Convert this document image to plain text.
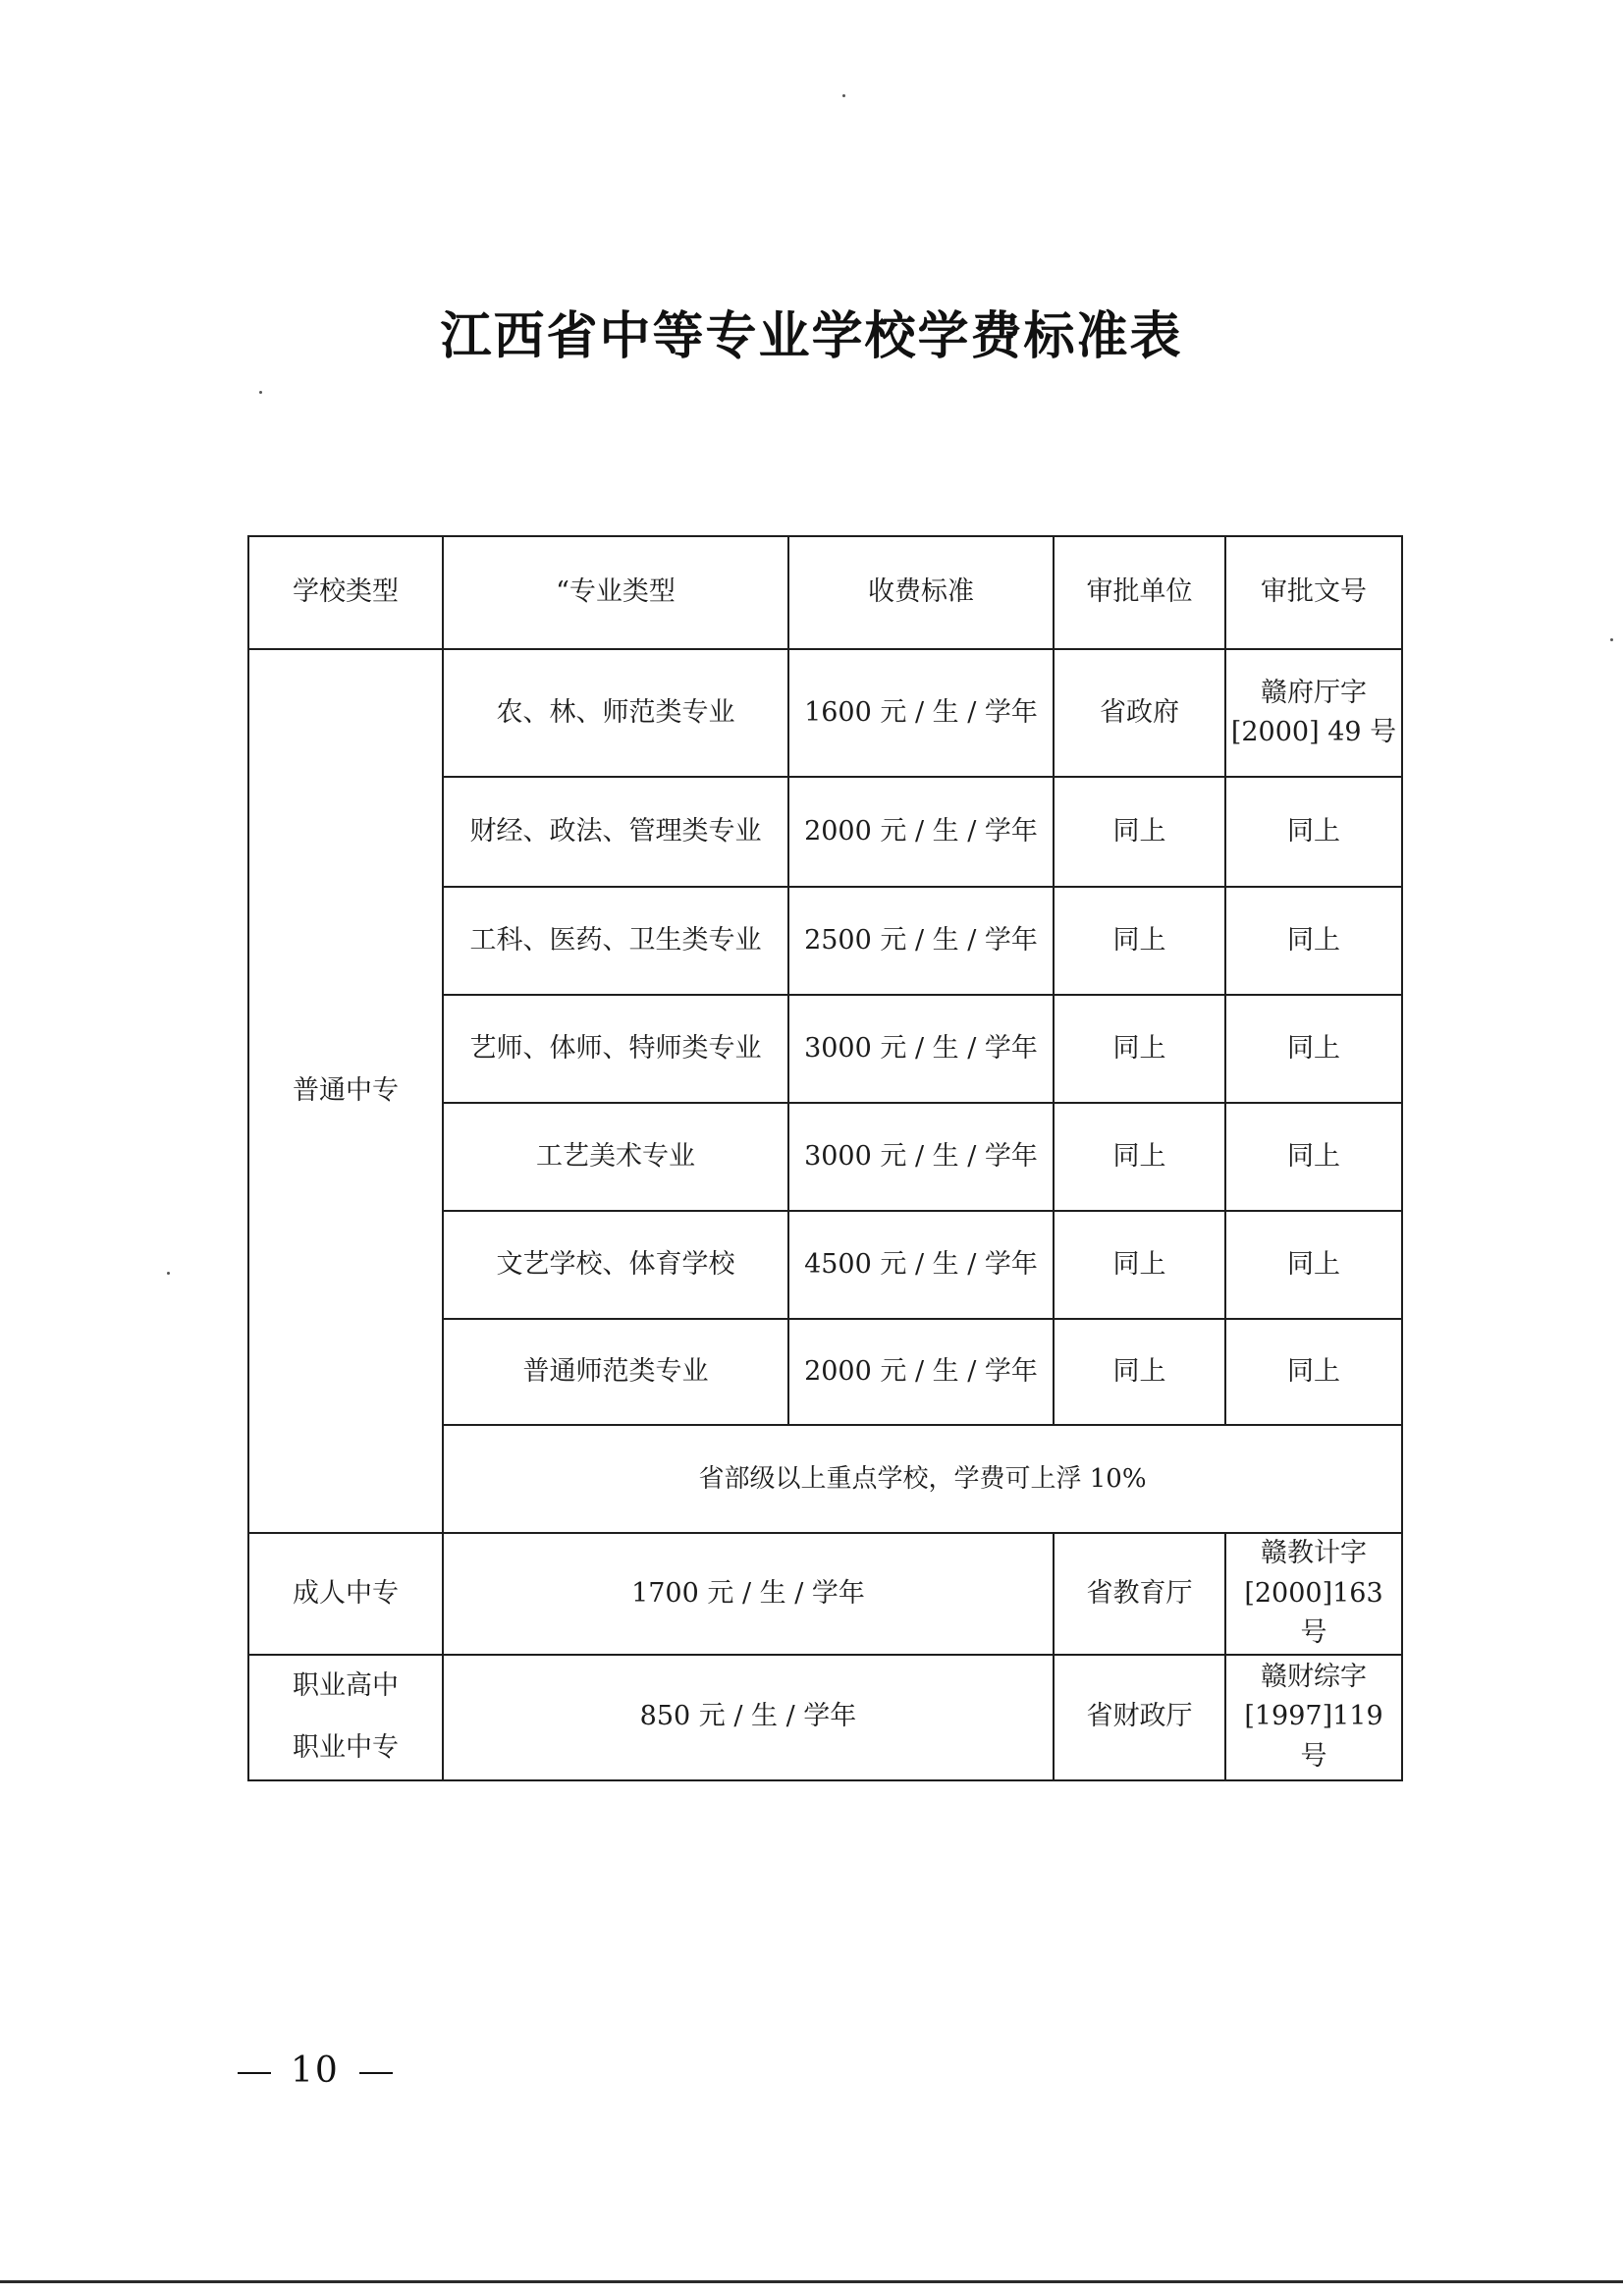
江西省中等专业学校学费标准表
学校类型	“专业类型	收费标准	审批单位	审批文号
普通中专	农、林、师范类专业	1600 元 / 生 / 学年	省政府	赣府厅字
[2000] 49 号

	财经、政法、管理类专业	2000 元 / 生 / 学年	同上	同上
	工科、医药、卫生类专业	2500 元 / 生 / 学年	同上	同上
	艺师、体师、特师类专业	3000 元 / 生 / 学年	同上	同上
	工艺美术专业	3000 元 / 生 / 学年	同上	同上
	文艺学校、体育学校	4500 元 / 生 / 学年	同上	同上
	普通师范类专业	2000 元 / 生 / 学年	同上	同上
	省部级以上重点学校，学费可上浮 10%			
成人中专	1700 元 / 生 / 学年		省教育厅	赣教计字
[2000]163 号

职业高中
职业中专	850 元 / 生 / 学年		省财政厅	赣财综字
[1997]119 号
10
